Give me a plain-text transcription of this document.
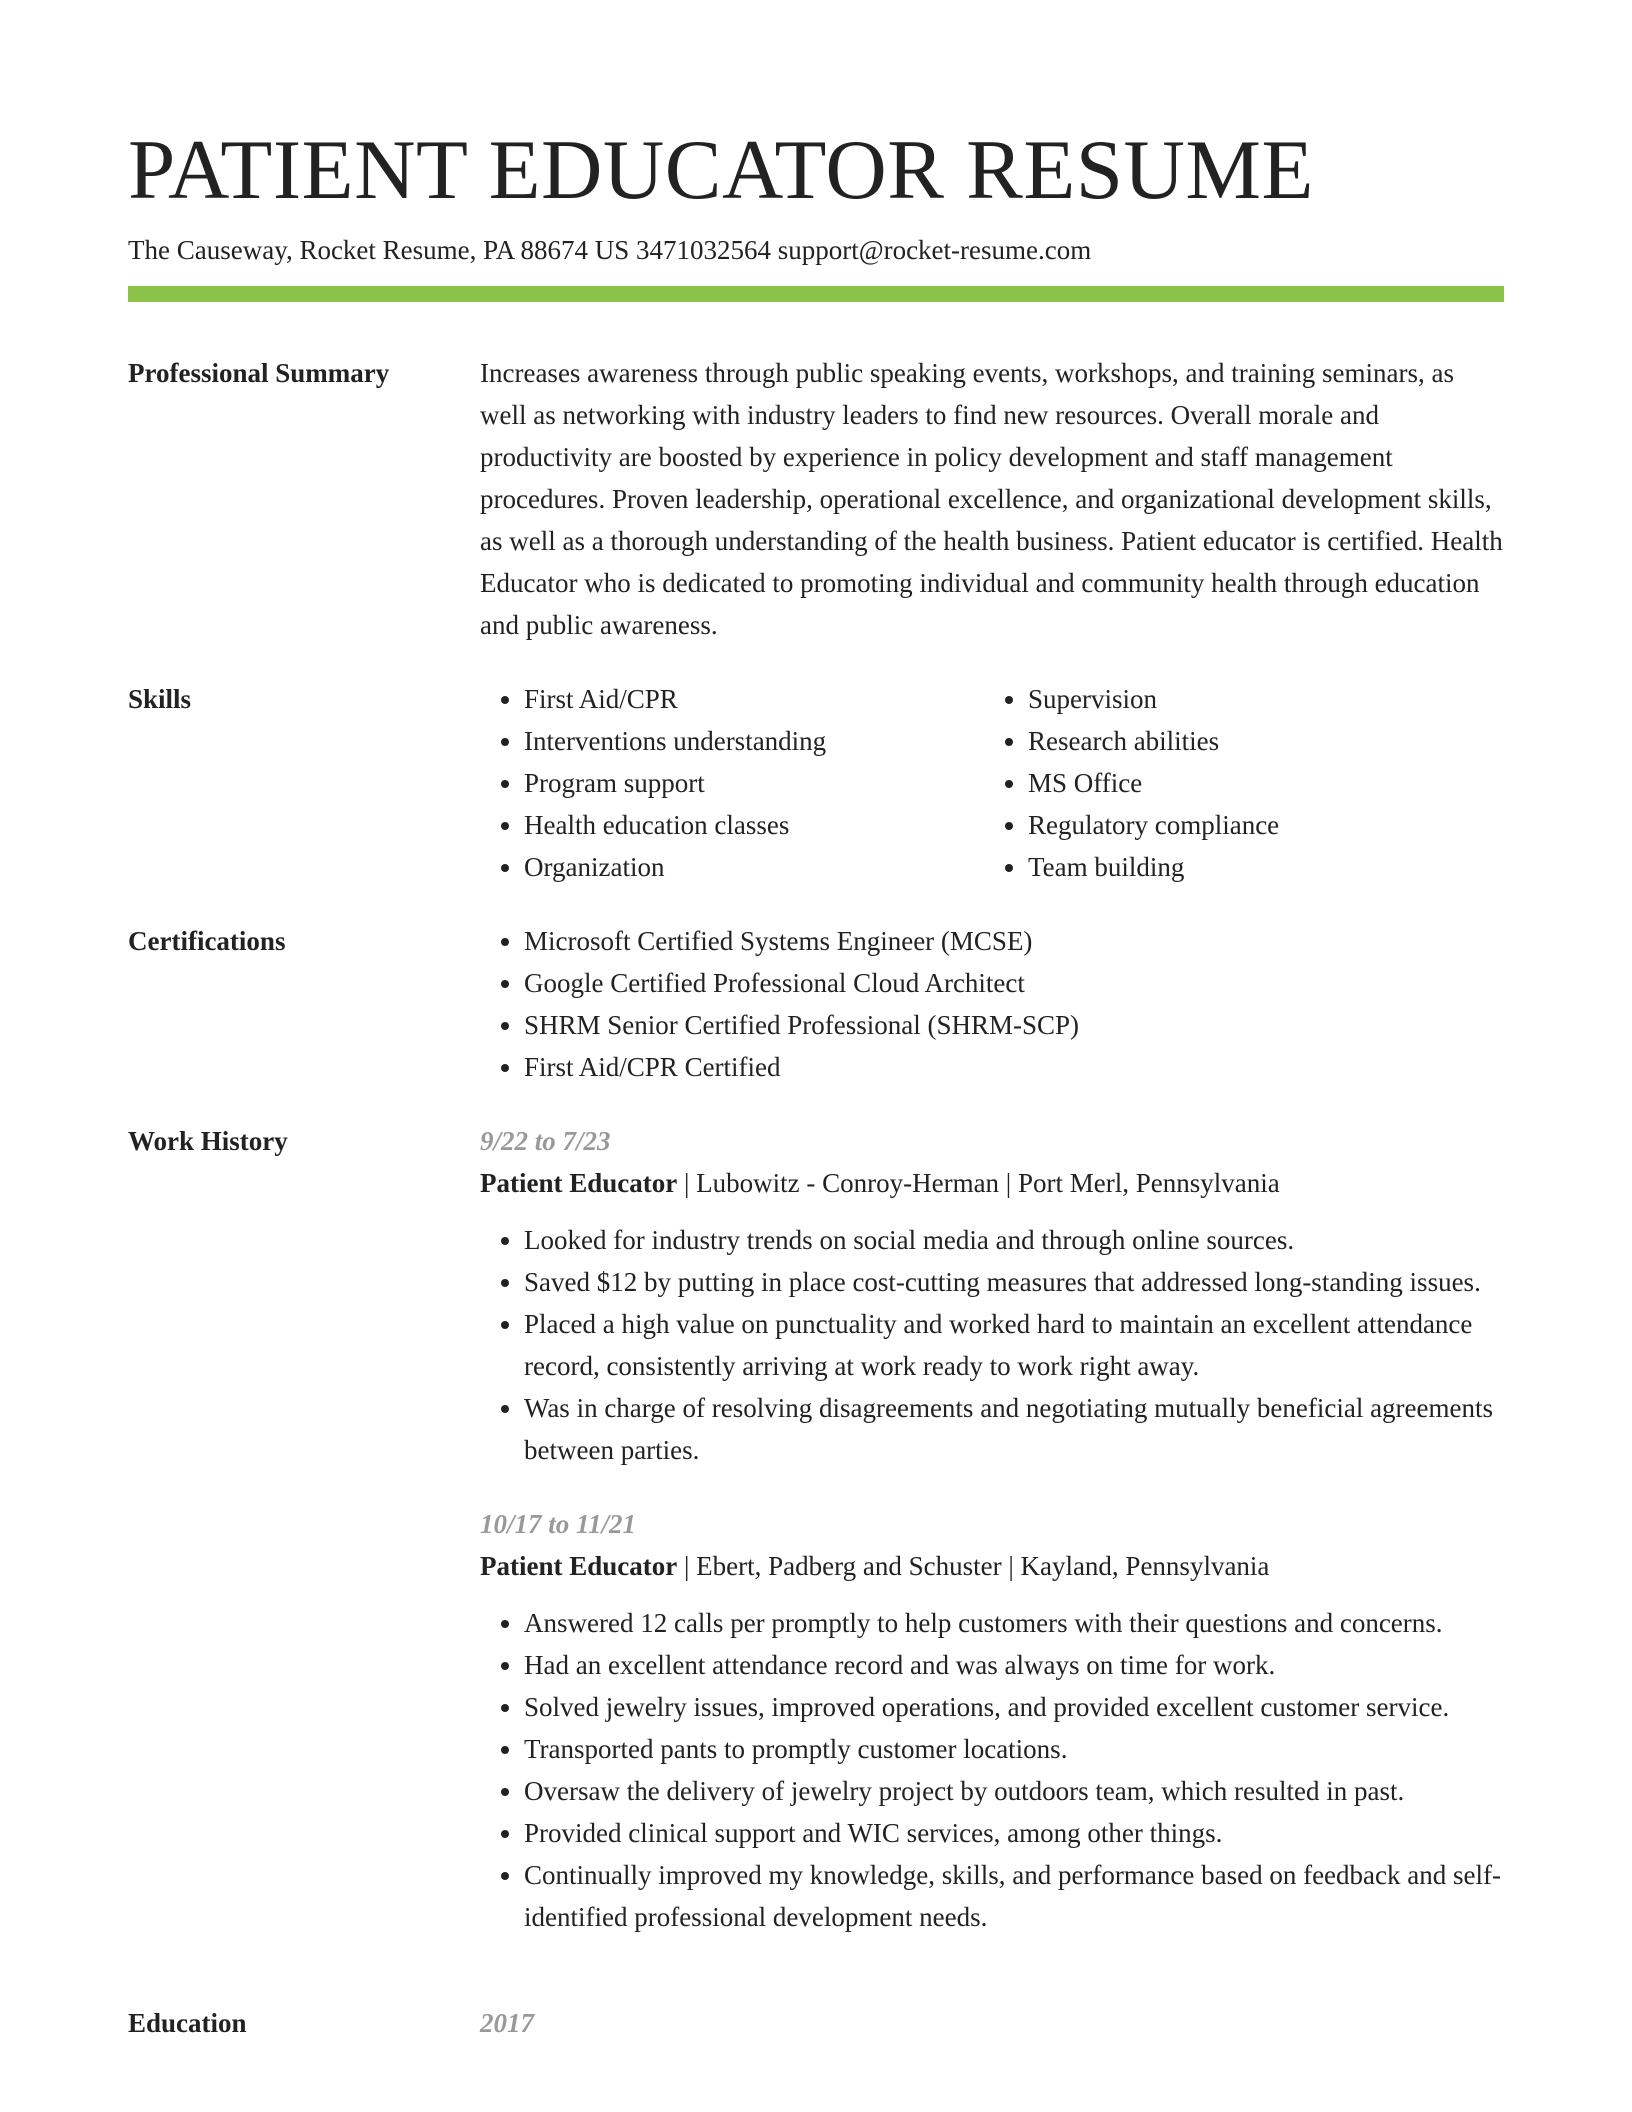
PATIENT EDUCATOR RESUME
The Causeway, Rocket Resume, PA 88674 US 3471032564 support@rocket-resume.com
Professional Summary	Increases awareness through public speaking events, workshops, and training seminars, as well as networking with industry leaders to find new resources. Overall morale and productivity are boosted by experience in policy development and staff management procedures. Proven leadership, operational excellence, and organizational development skills, as well as a thorough understanding of the health business. Patient educator is certified. Health Educator who is dedicated to promoting individual and community health through education and public awareness.

Skills	• First Aid/CPR
• Interventions understanding
• Program support
• Health education classes
• Organization
• Supervision
• Research abilities
• MS Office
• Regulatory compliance
• Team building
Certifications	• Microsoft Certified Systems Engineer (MCSE)
• Google Certified Professional Cloud Architect
• SHRM Senior Certified Professional (SHRM-SCP)
• First Aid/CPR Certified
Work History	9/22 to 7/23
Patient Educator | Lubowitz - Conroy-Herman | Port Merl, Pennsylvania
• Looked for industry trends on social media and through online sources.
• Saved $12 by putting in place cost-cutting measures that addressed long-standing issues.
• Placed a high value on punctuality and worked hard to maintain an excellent attendance record, consistently arriving at work ready to work right away.
• Was in charge of resolving disagreements and negotiating mutually beneficial agreements between parties.
10/17 to 11/21
Patient Educator | Ebert, Padberg and Schuster | Kayland, Pennsylvania
• Answered 12 calls per promptly to help customers with their questions and concerns.
• Had an excellent attendance record and was always on time for work.
• Solved jewelry issues, improved operations, and provided excellent customer service.
• Transported pants to promptly customer locations.
• Oversaw the delivery of jewelry project by outdoors team, which resulted in past.
• Provided clinical support and WIC services, among other things.
• Continually improved my knowledge, skills, and performance based on feedback and self-identified professional development needs.
Education	2017
